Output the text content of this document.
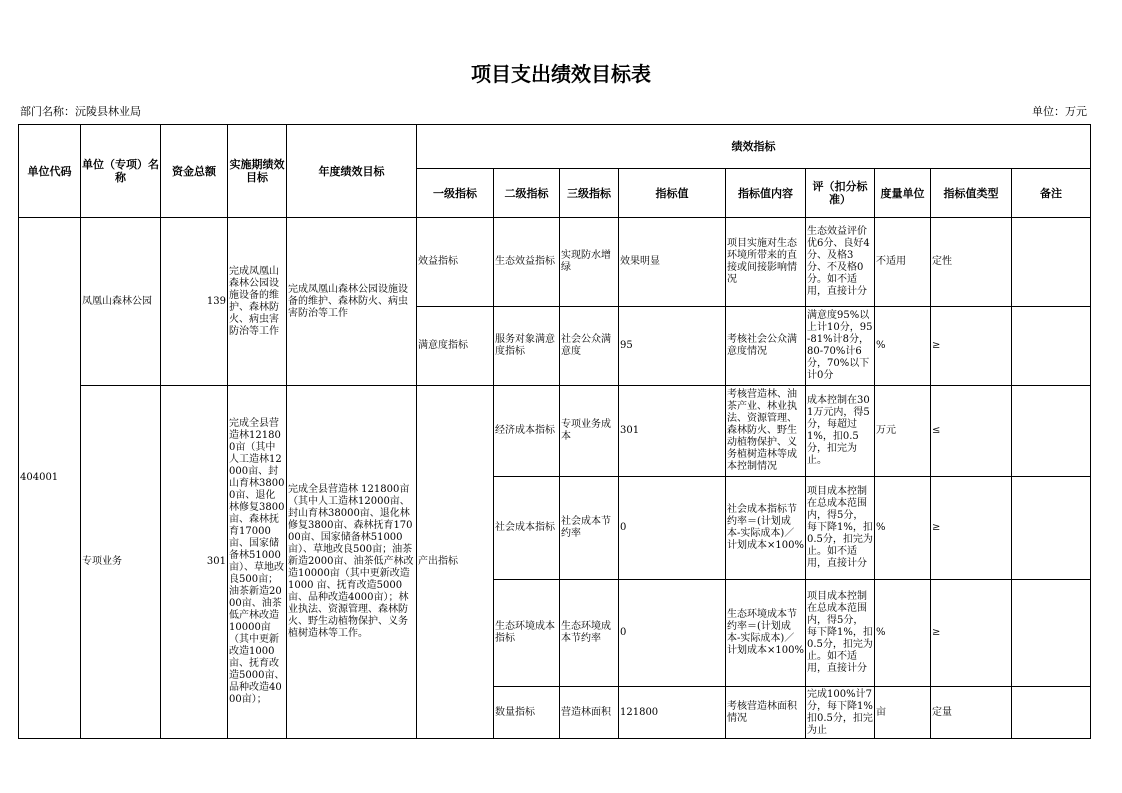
项目支出绩效目标表
部门名称：沅陵县林业局	单位：万元
单位代码	单位（专项）名称	资金总额	实施期绩效目标	年度绩效目标	绩效指标								
					一级指标	二级指标	三级指标	指标值	指标值内容	评（扣分标准）	度量单位	指标值类型	备注
404001	凤凰山森林公园	139	完成凤凰山森林公园设施设备的维护、森林防火、病虫害防治等工作	完成凤凰山森林公园设施设备的维护、森林防火、病虫害防治等工作	效益指标	生态效益指标	实现防水增绿	效果明显	项目实施对生态环境所带来的直接或间接影响情况	生态效益评价优6分、良好4分、及格3分、不及格0分。如不适用，直接计分	不适用	定性	
					满意度指标	服务对象满意度指标	社会公众满意度	95	考核社会公众满意度情况	满意度95%以上计10分，95-81%计8分，80-70%计6分，70%以下计0分	%	≥	
	专项业务	301	完成全县营造林121800亩（其中人工造林12000亩、封山育林38000亩、退化林修复3800亩、森林抚育17000亩、国家储备林51000亩）、草地改良500亩；油茶新造2000亩、油茶低产林改造10000亩（其中更新改造1000亩、抚育改造5000亩、品种改造4000亩）；	完成全县营造林 121800亩（其中人工造林12000亩、封山育林38000亩、退化林修复3800亩、森林抚育17000亩、国家储备林51000亩）、草地改良500亩；油茶新造2000亩、油茶低产林改造10000亩（其中更新改造1000 亩、抚育改造5000亩、品种改造4000亩）；林业执法、资源管理、森林防火、野生动植物保护、义务植树造林等工作。	产出指标	经济成本指标	专项业务成本	301	考核营造林、油茶产业、林业执法、资源管理、森林防火、野生动植物保护、义务植树造林等成本控制情况	成本控制在301万元内，得5分，每超过1%，扣0.5分，扣完为止。	万元	≤	
						社会成本指标	社会成本节约率	0	社会成本指标节约率＝(计划成本-实际成本)／计划成本×100%	项目成本控制在总成本范围内，得5分，每下降1%，扣0.5分，扣完为止。如不适用，直接计分	%	≥	
						生态环境成本指标	生态环境成本节约率	0	生态环境成本节约率＝(计划成本-实际成本)／计划成本×100%	项目成本控制在总成本范围内，得5分，每下降1%，扣0.5分，扣完为止。如不适用，直接计分	%	≥	
						数量指标	营造林面积	121800	考核营造林面积情况	完成100%计7分，每下降1%扣0.5分，扣完为止	亩	定量	
